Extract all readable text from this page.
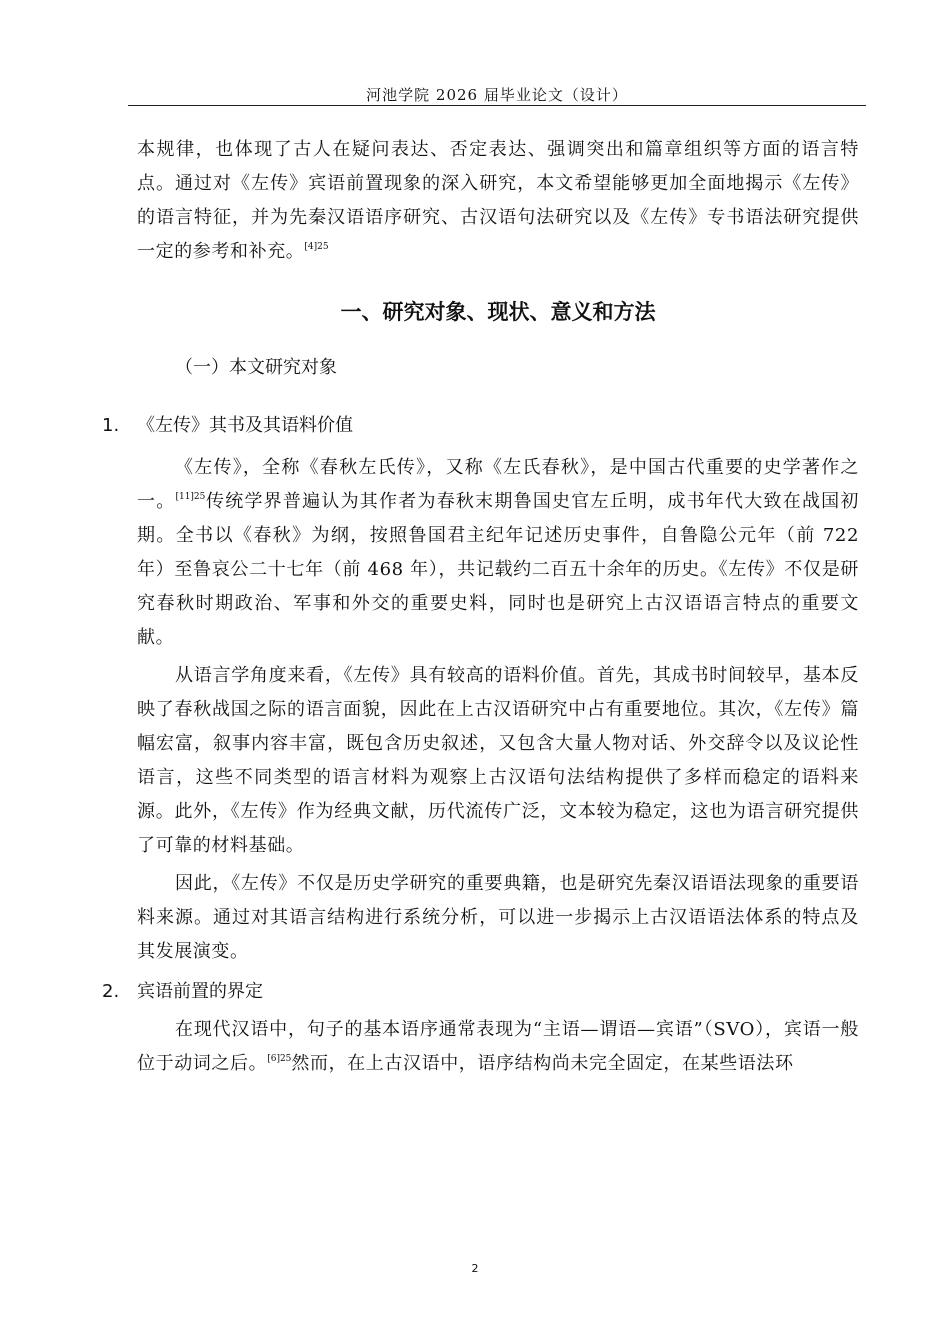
河池学院 2026 届毕业论文（设计）

本规律，也体现了古人在疑问表达、否定表达、强调突出和篇章组织等方面的语言特点。通过对《左传》宾语前置现象的深入研究，本文希望能够更加全面地揭示《左传》的语言特征，并为先秦汉语语序研究、古汉语句法研究以及《左传》专书语法研究提供一定的参考和补充。$^{[4]25}$

一、研究对象、现状、意义和方法
（一）本文研究对象
1. 《左传》其书及其语料价值

《左传》，全称《春秋左氏传》，又称《左氏春秋》，是中国古代重要的史学著作之一。$^{[11]25}$传统学界普遍认为其作者为春秋末期鲁国史官左丘明，成书年代大致在战国初期。全书以《春秋》为纲，按照鲁国君主纪年记述历史事件，自鲁隐公元年（前 722 年）至鲁哀公二十七年（前 468 年），共记载约二百五十余年的历史。《左传》不仅是研究春秋时期政治、军事和外交的重要史料，同时也是研究上古汉语语言特点的重要文献。

从语言学角度来看，《左传》具有较高的语料价值。首先，其成书时间较早，基本反映了春秋战国之际的语言面貌，因此在上古汉语研究中占有重要地位。其次，《左传》篇幅宏富，叙事内容丰富，既包含历史叙述，又包含大量人物对话、外交辞令以及议论性语言，这些不同类型的语言材料为观察上古汉语句法结构提供了多样而稳定的语料来源。此外，《左传》作为经典文献，历代流传广泛，文本较为稳定，这也为语言研究提供了可靠的材料基础。

因此，《左传》不仅是历史学研究的重要典籍，也是研究先秦汉语语法现象的重要语料来源。通过对其语言结构进行系统分析，可以进一步揭示上古汉语语法体系的特点及其发展演变。

2. 宾语前置的界定

在现代汉语中，句子的基本语序通常表现为“主语—谓语—宾语”（SVO），宾语一般位于动词之后。$^{[6]25}$然而，在上古汉语中，语序结构尚未完全固定，在某些语法环

2
